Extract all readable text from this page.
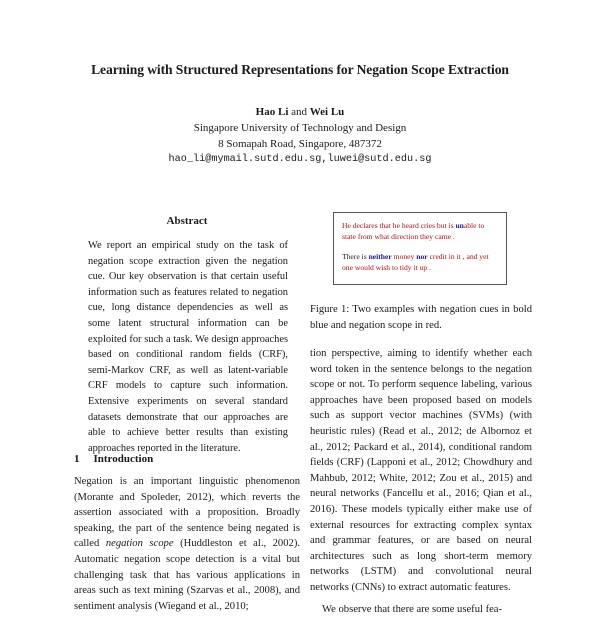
Learning with Structured Representations for Negation Scope Extraction
Hao Li and Wei Lu
Singapore University of Technology and Design
8 Somapah Road, Singapore, 487372
hao_li@mymail.sutd.edu.sg,luwei@sutd.edu.sg
Abstract
We report an empirical study on the task of negation scope extraction given the negation cue. Our key observation is that certain useful information such as features related to negation cue, long distance dependencies as well as some latent structural information can be exploited for such a task. We design approaches based on conditional random fields (CRF), semi-Markov CRF, as well as latent-variable CRF models to capture such information. Extensive experiments on several standard datasets demonstrate that our approaches are able to achieve better results than existing approaches reported in the literature.
1 Introduction

Negation is an important linguistic phenomenon (Morante and Spoleder, 2012), which reverts the assertion associated with a proposition. Broadly speaking, the part of the sentence being negated is called negation scope (Huddleston et al., 2002). Automatic negation scope detection is a vital but challenging task that has various applications in areas such as text mining (Szarvas et al., 2008), and sentiment analysis (Wiegand et al., 2010;

He declares that he heard cries but is unable to state from what direction they came .

There is neither money nor credit in it , and yet one would wish to tidy it up .

Figure 1: Two examples with negation cues in bold blue and negation scope in red.

tion perspective, aiming to identify whether each word token in the sentence belongs to the negation scope or not. To perform sequence labeling, various approaches have been proposed based on models such as support vector machines (SVMs) (with heuristic rules) (Read et al., 2012; de Albornoz et al., 2012; Packard et al., 2014), conditional random fields (CRF) (Lapponi et al., 2012; Chowdhury and Mahbub, 2012; White, 2012; Zou et al., 2015) and neural networks (Fancellu et al., 2016; Qian et al., 2016). These models typically either make use of external resources for extracting complex syntax and grammar features, or are based on neural architectures such as long short-term memory networks (LSTM) and convolutional neural networks (CNNs) to extract automatic features.

We observe that there are some useful fea-
